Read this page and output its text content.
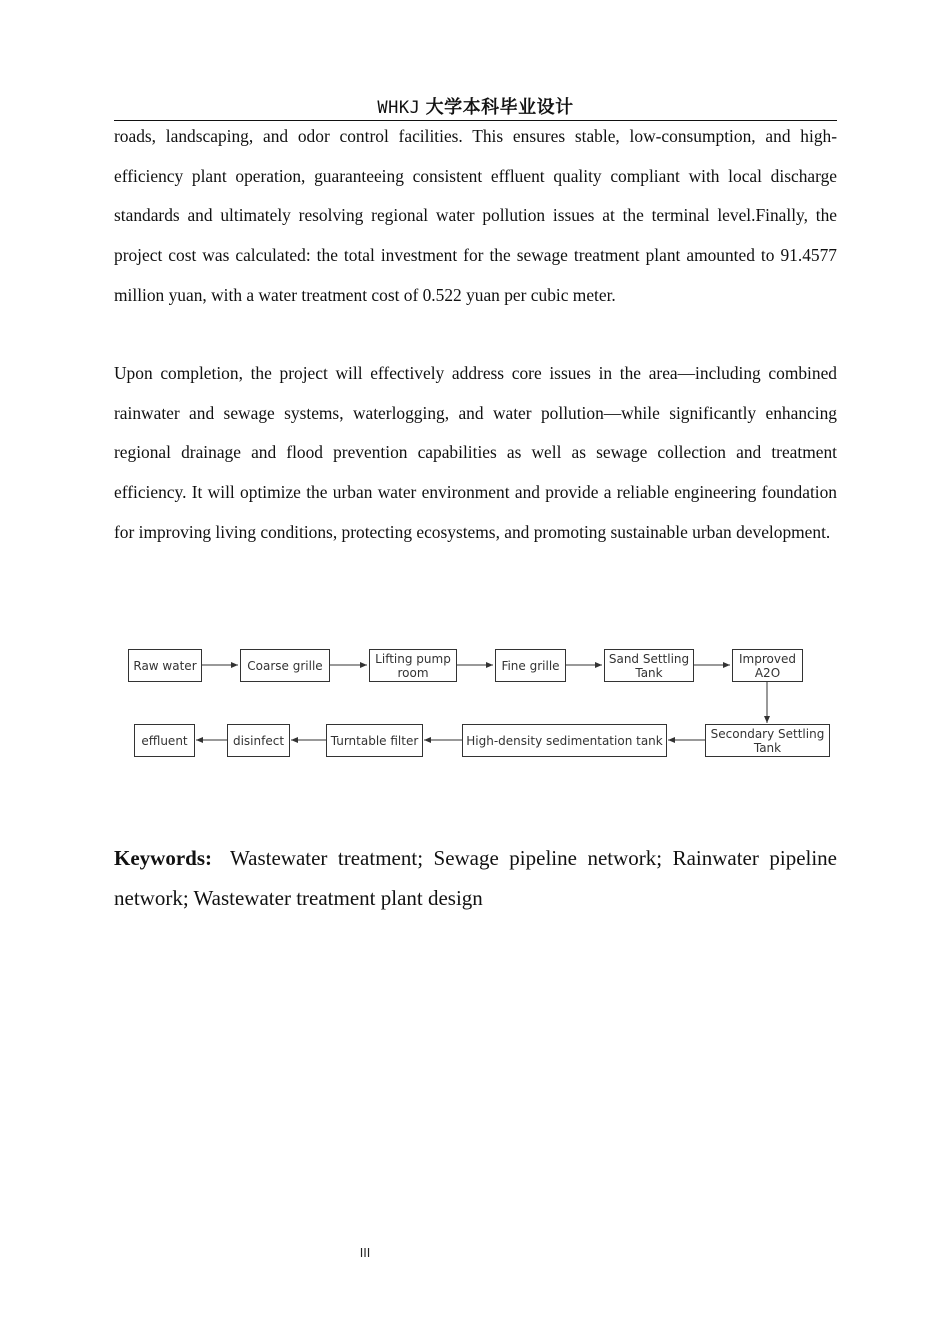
WHKJ 大学本科毕业设计

roads, landscaping, and odor control facilities. This ensures stable, low-consumption, and high-efficiency plant operation, guaranteeing consistent effluent quality compliant with local discharge standards and ultimately resolving regional water pollution issues at the terminal level.Finally, the project cost was calculated: the total investment for the sewage treatment plant amounted to 91.4577 million yuan, with a water treatment cost of 0.522 yuan per cubic meter.

Upon completion, the project will effectively address core issues in the area—including combined rainwater and sewage systems, waterlogging, and water pollution—while significantly enhancing regional drainage and flood prevention capabilities as well as sewage collection and treatment efficiency. It will optimize the urban water environment and provide a reliable engineering foundation for improving living conditions, protecting ecosystems, and promoting sustainable urban development.

Raw water	Coarse grille	Lifting pump room	Fine grille	Sand Settling Tank
Improved A2O
Secondary Settling Tank
High-density sedimentation tank
Turntable filter
disinfect
effluent
Keywords: Wastewater treatment; Sewage pipeline network; Rainwater pipeline network; Wastewater treatment plant design
III
